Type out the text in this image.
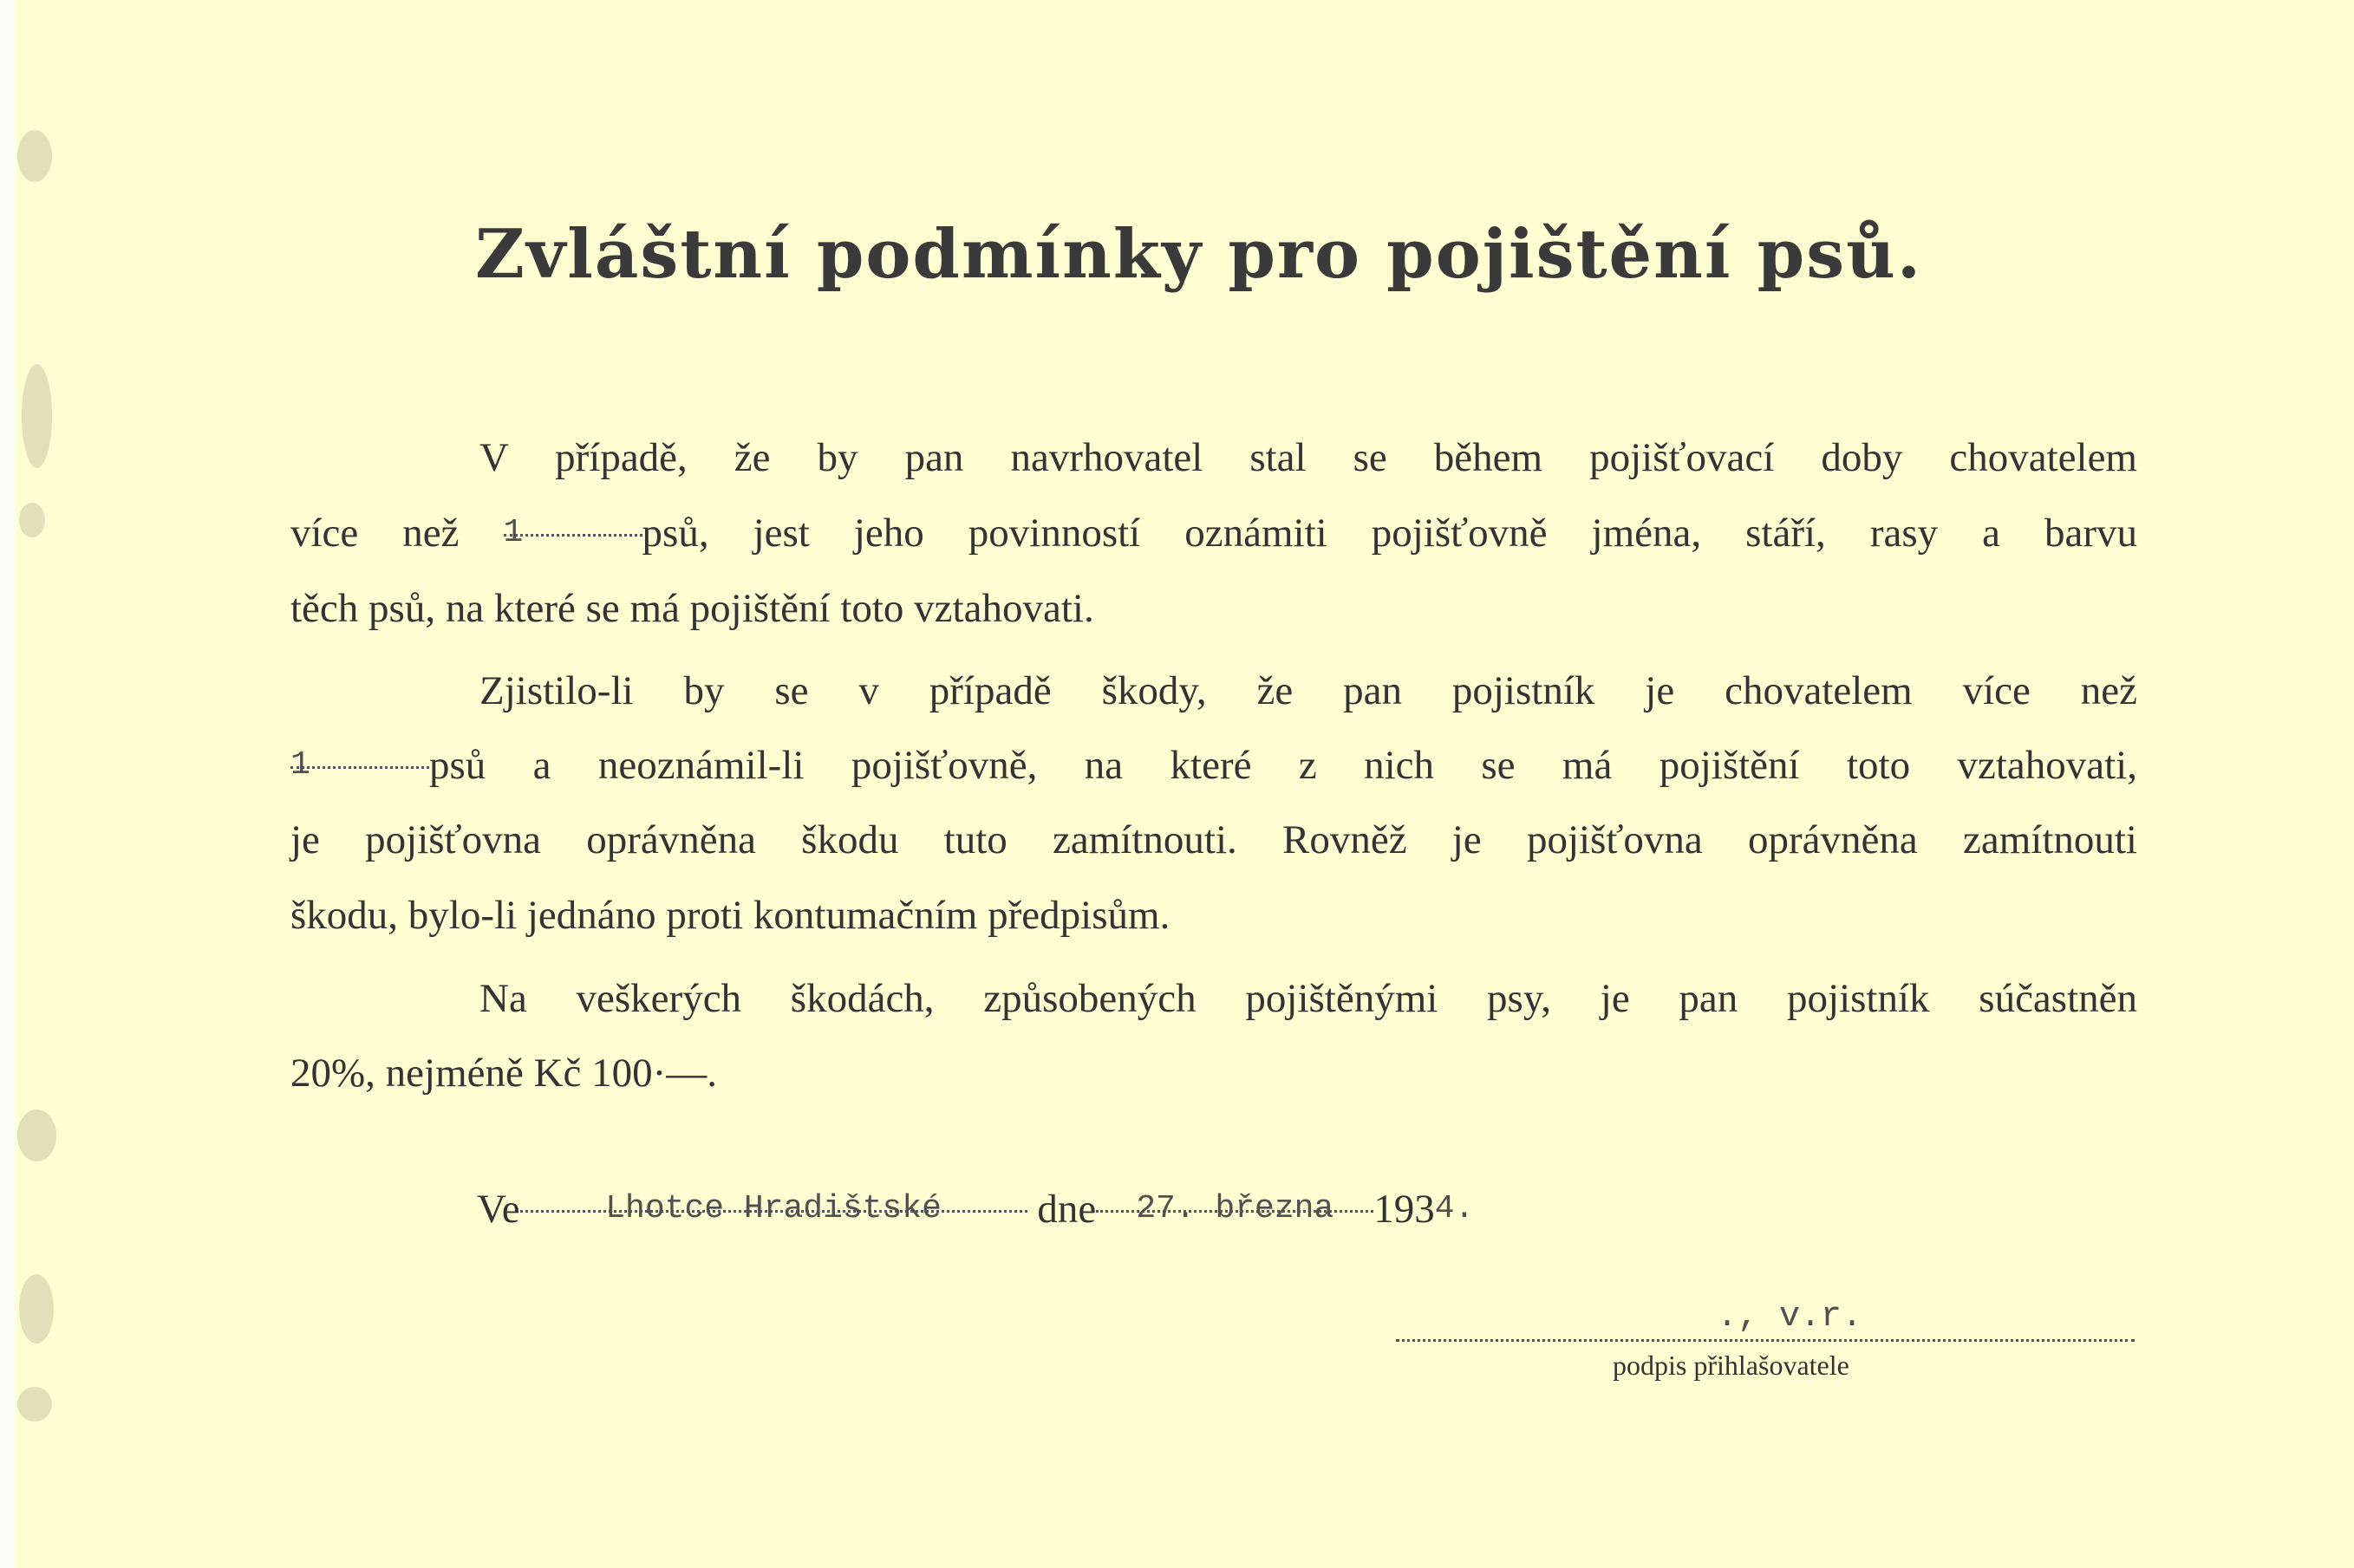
Zvláštní podmínky pro pojištění psů.
V případě, že by pan navrhovatel stal se během pojišťovací doby chovatelem
více než 1	psů, jest jeho povinností oznámiti pojišťovně jména, stáří, rasy a barvu
těch psů, na které se má pojištění toto vztahovati.
Zjistilo-li by se v případě škody, že pan pojistník je chovatelem více než
1	psů a neoznámil-li pojišťovně, na které z nich se má pojištění toto vztahovati,
je pojišťovna oprávněna škodu tuto zamítnouti. Rovněž je pojišťovna oprávněna zamítnouti
škodu, bylo-li jednáno proti kontumačním předpisům.
Na veškerých škodách, způsobených pojištěnými psy, je pan pojistník súčastněn
20%, nejméně Kč 100·—.
Ve	Lhotce Hradištské dne 27. března 1934.
., v.r.
podpis přihlašovatele
